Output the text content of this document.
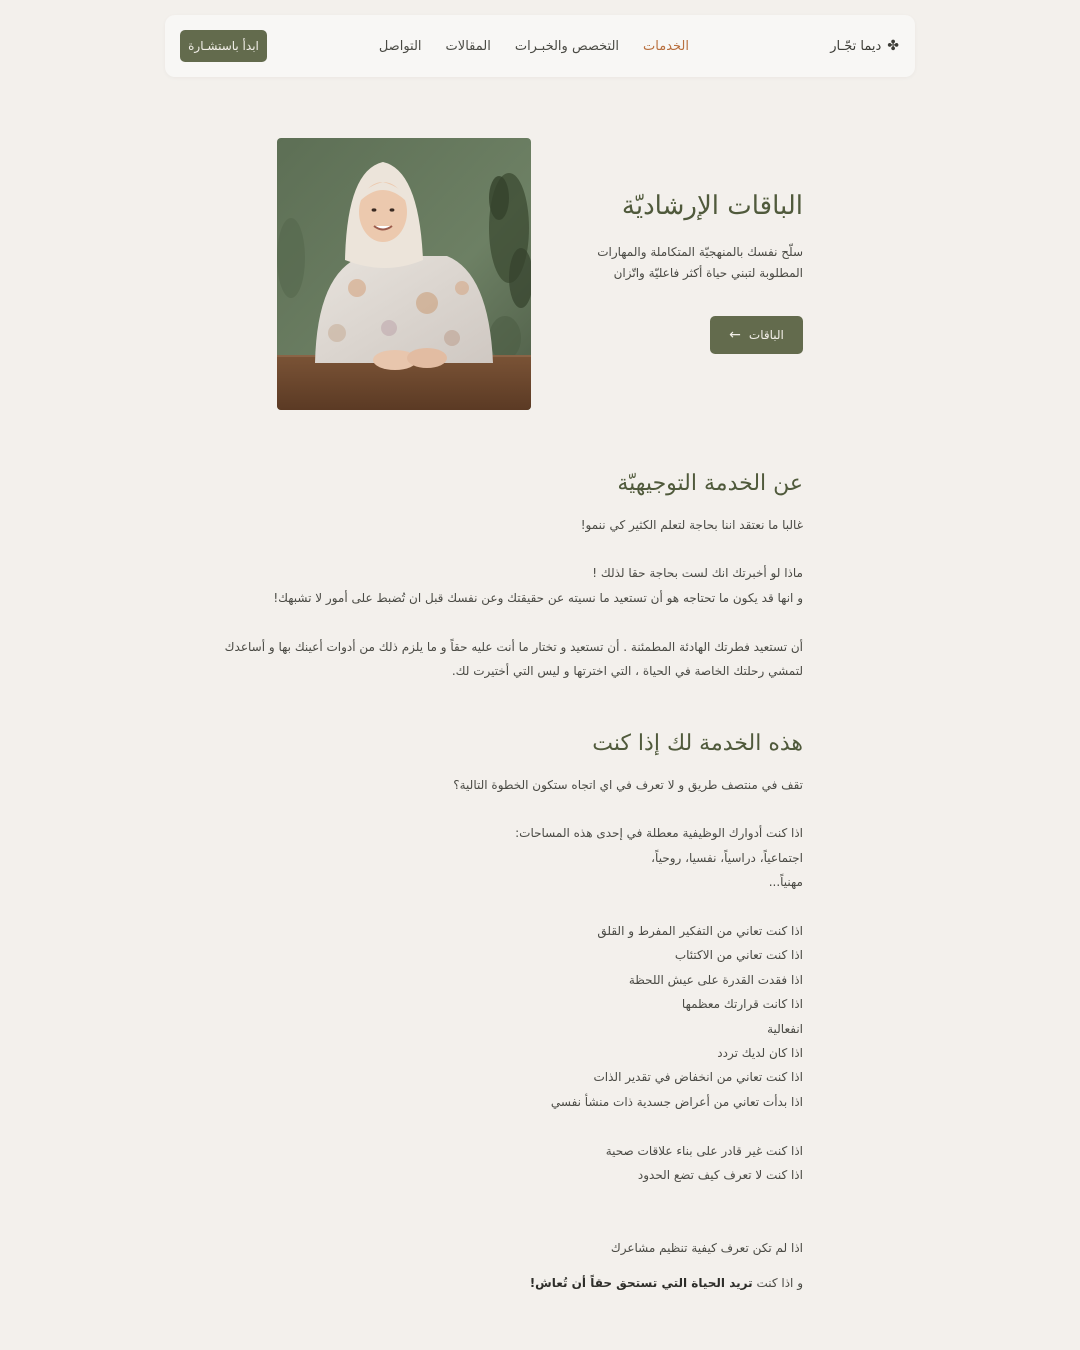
✤
ديما تجّـار
الخدمات
التخصص والخبـرات
المقالات
التواصل
ابدأ باستشـارة
الباقات الإرشاديّة

سلّح نفسك بالمنهجيّة المتكاملة والمهارات المطلوبة لتبني حياة أكثر فاعليّة واتّزان

الباقات
←
عن الخدمة التوجيهيّة
غالبا ما نعتقد اننا بحاجة لتعلم الكثير كي ننمو!
ماذا لو أخبرتك انك لست بحاجة حقا لذلك !
و انها قد يكون ما تحتاجه هو أن تستعيد ما نسيته عن حقيقتك وعن نفسك قبل ان تُضبط على أمور لا تشبهك!
أن تستعيد فطرتك الهادئة المطمئنة . أن تستعيد و تختار ما أنت عليه حقاً و ما يلزم ذلك من أدوات أعينك بها و أساعدك
لتمشي رحلتك الخاصة في الحياة ، التي اخترتها و ليس التي أختيرت لك.
هذه الخدمة لك إذا كنت
تقف في منتصف طريق و لا تعرف في اي اتجاه ستكون الخطوة التالية؟
اذا كنت أدوارك الوظيفية معطلة في إحدى هذه المساحات:
اجتماعياً، دراسياً، نفسيا، روحياً،
مهنياً...
اذا كنت تعاني من التفكير المفرط و القلق
اذا كنت تعاني من الاكتئاب
اذا فقدت القدرة على عيش اللحظة
اذا كانت قرارتك معظمها
انفعالية
اذا كان لديك تردد
اذا كنت تعاني من انخفاض في تقدير الذات
اذا بدأت تعاني من أعراض جسدية ذات منشأ نفسي
اذا كنت غير قادر على بناء علاقات صحية
اذا كنت لا تعرف كيف تضع الحدود
اذا لم تكن تعرف كيفية تنظيم مشاعرك
و اذا كنت تريد الحياة التي تستحق حقاً أن تُعاش!
